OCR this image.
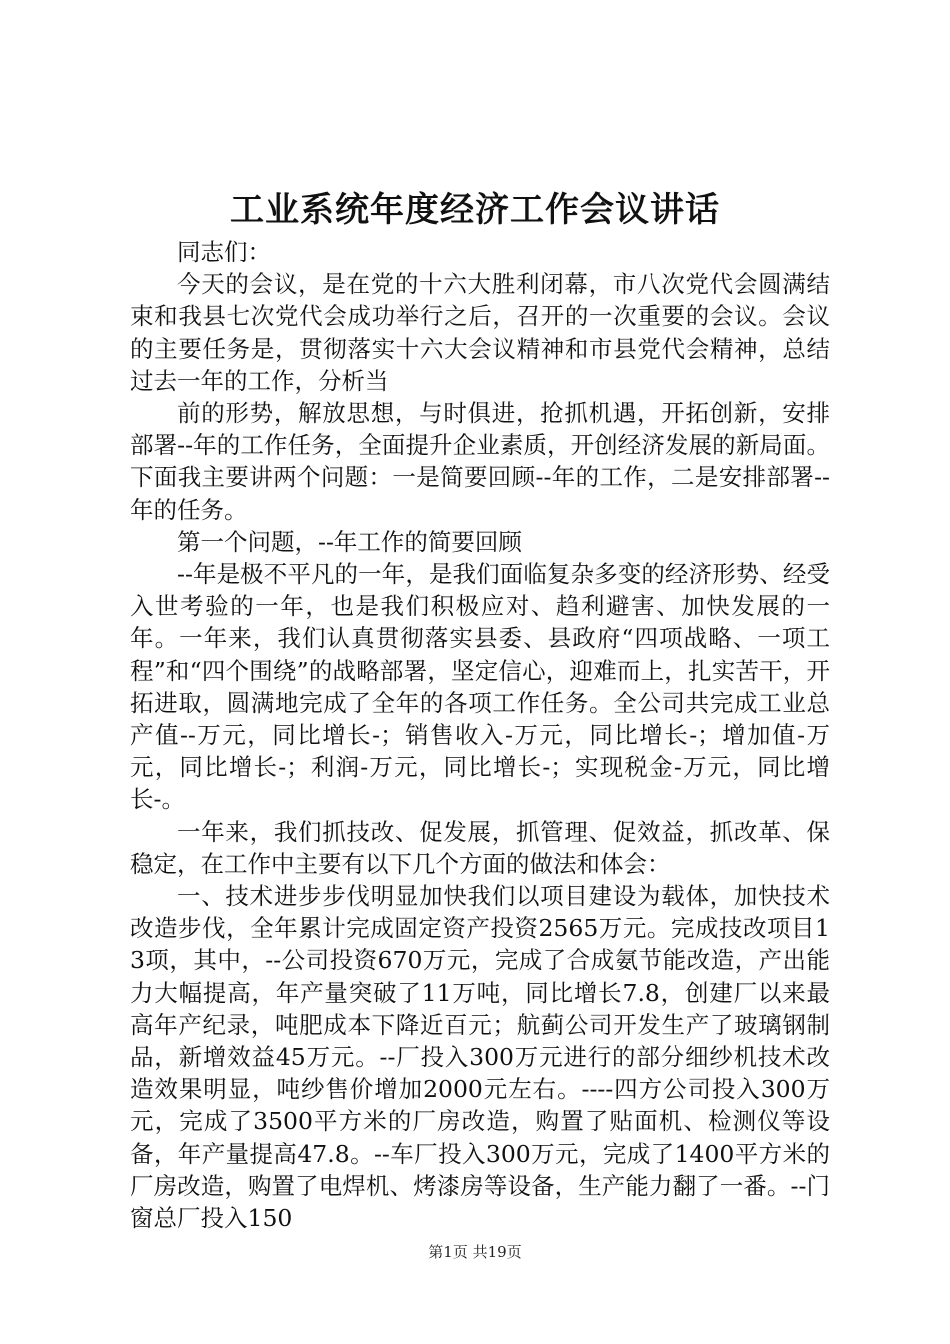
工业系统年度经济工作会议讲话

同志们：

今天的会议，是在党的十六大胜利闭幕，市八次党代会圆满结束和我县七次党代会成功举行之后，召开的一次重要的会议。会议的主要任务是，贯彻落实十六大会议精神和市县党代会精神，总结过去一年的工作，分析当

前的形势，解放思想，与时俱进，抢抓机遇，开拓创新，安排部署--年的工作任务，全面提升企业素质，开创经济发展的新局面。下面我主要讲两个问题：一是简要回顾--年的工作，二是安排部署--年的任务。

第一个问题，--年工作的简要回顾

--年是极不平凡的一年，是我们面临复杂多变的经济形势、经受入世考验的一年，也是我们积极应对、趋利避害、加快发展的一年。一年来，我们认真贯彻落实县委、县政府“四项战略、一项工程”和“四个围绕”的战略部署，坚定信心，迎难而上，扎实苦干，开拓进取，圆满地完成了全年的各项工作任务。全公司共完成工业总产值--万元，同比增长-；销售收入-万元，同比增长-；增加值-万元，同比增长-；利润-万元，同比增长-；实现税金-万元，同比增长-。

一年来，我们抓技改、促发展，抓管理、促效益，抓改革、保稳定，在工作中主要有以下几个方面的做法和体会：

一、技术进步步伐明显加快我们以项目建设为载体，加快技术改造步伐，全年累计完成固定资产投资2565万元。完成技改项目13项，其中，--公司投资670万元，完成了合成氨节能改造，产出能力大幅提高，年产量突破了11万吨，同比增长7.8，创建厂以来最高年产纪录，吨肥成本下降近百元；航蓟公司开发生产了玻璃钢制品，新增效益45万元。--厂投入300万元进行的部分细纱机技术改造效果明显，吨纱售价增加2000元左右。----四方公司投入300万元，完成了3500平方米的厂房改造，购置了贴面机、检测仪等设备，年产量提高47.8。--车厂投入300万元，完成了1400平方米的厂房改造，购置了电焊机、烤漆房等设备，生产能力翻了一番。--门窗总厂投入150

第1页 共19页
